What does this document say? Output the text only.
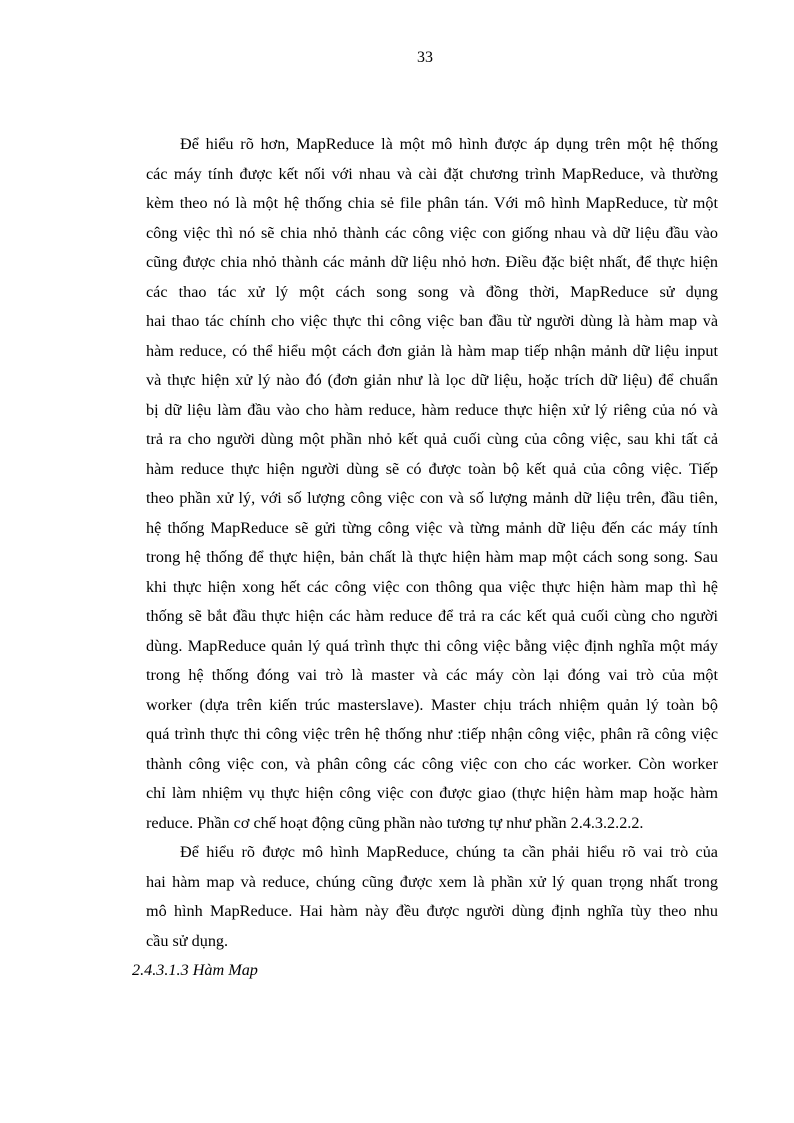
33
Để hiểu rõ hơn, MapReduce là một mô hình được áp dụng trên một hệ thống
các máy tính được kết nối với nhau và cài đặt chương trình MapReduce, và thường
kèm theo nó là một hệ thống chia sẻ file phân tán. Với mô hình MapReduce, từ một
công việc thì nó sẽ chia nhỏ thành các công việc con giống nhau và dữ liệu đầu vào
cũng được chia nhỏ thành các mảnh dữ liệu nhỏ hơn. Điều đặc biệt nhất, để thực hiện
các thao tác xử lý một cách song song và đồng thời, MapReduce sử dụng
hai thao tác chính cho việc thực thi công việc ban đầu từ người dùng là hàm map và
hàm reduce, có thể hiểu một cách đơn giản là hàm map tiếp nhận mảnh dữ liệu input
và thực hiện xử lý nào đó (đơn giản như là lọc dữ liệu, hoặc trích dữ liệu) để chuẩn
bị dữ liệu làm đầu vào cho hàm reduce, hàm reduce thực hiện xử lý riêng của nó và
trả ra cho người dùng một phần nhỏ kết quả cuối cùng của công việc, sau khi tất cả
hàm reduce thực hiện người dùng sẽ có được toàn bộ kết quả của công việc. Tiếp
theo phần xử lý, với số lượng công việc con và số lượng mảnh dữ liệu trên, đầu tiên,
hệ thống MapReduce sẽ gửi từng công việc và từng mảnh dữ liệu đến các máy tính
trong hệ thống để thực hiện, bản chất là thực hiện hàm map một cách song song. Sau
khi thực hiện xong hết các công việc con thông qua việc thực hiện hàm map thì hệ
thống sẽ bắt đầu thực hiện các hàm reduce để trả ra các kết quả cuối cùng cho người
dùng. MapReduce quản lý quá trình thực thi công việc bằng việc định nghĩa một máy
trong hệ thống đóng vai trò là master và các máy còn lại đóng vai trò của một
worker (dựa trên kiến trúc masterslave). Master chịu trách nhiệm quản lý toàn bộ
quá trình thực thi công việc trên hệ thống như :tiếp nhận công việc, phân rã công việc
thành công việc con, và phân công các công việc con cho các worker. Còn worker
chỉ làm nhiệm vụ thực hiện công việc con được giao (thực hiện hàm map hoặc hàm
reduce. Phần cơ chế hoạt động cũng phần nào tương tự như phần 2.4.3.2.2.2.
Để hiểu rõ được mô hình MapReduce, chúng ta cần phải hiểu rõ vai trò của
hai hàm map và reduce, chúng cũng được xem là phần xử lý quan trọng nhất trong
mô hình MapReduce. Hai hàm này đều được người dùng định nghĩa tùy theo nhu
cầu sử dụng.
2.4.3.1.3 Hàm Map
